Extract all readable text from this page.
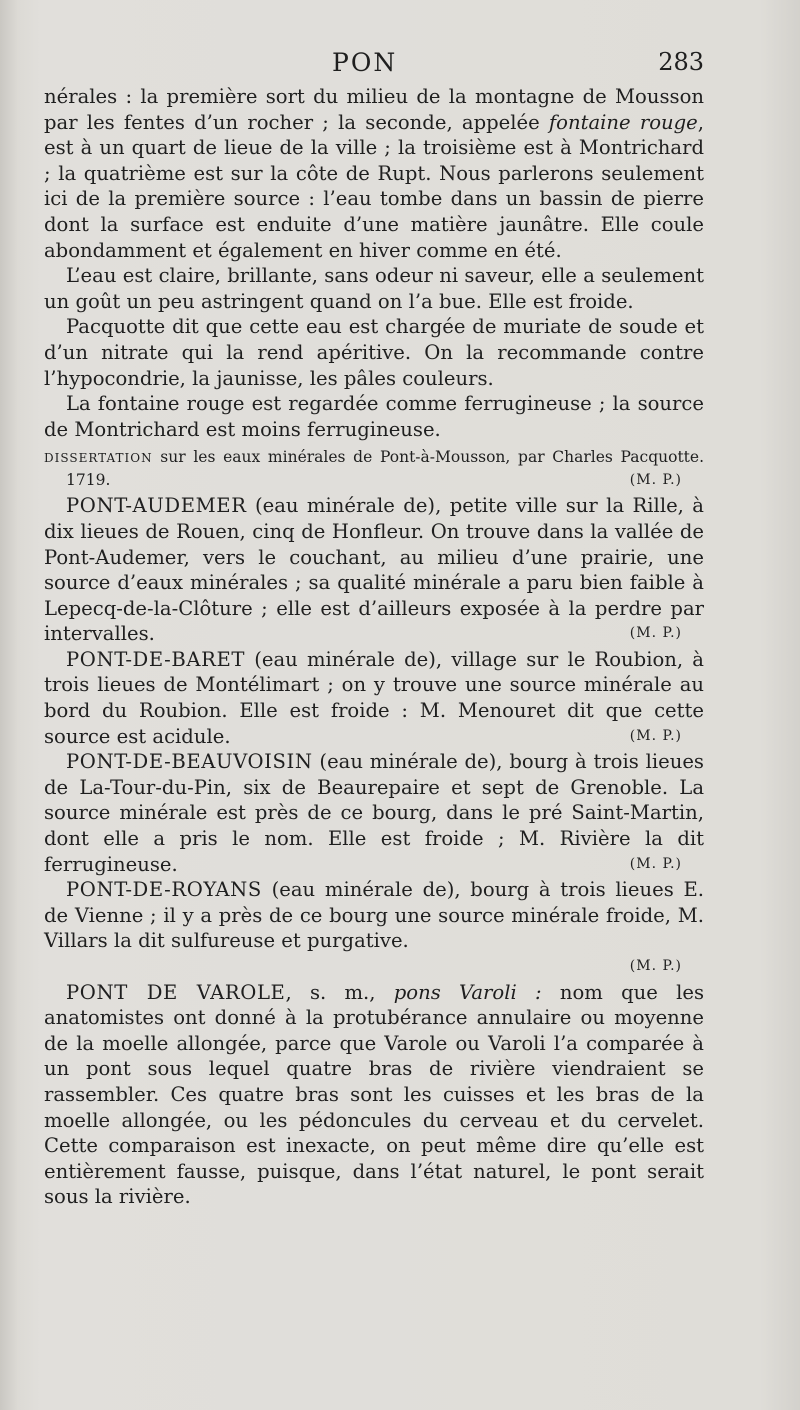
PON	283

nérales : la première sort du milieu de la montagne de Mousson par les fentes d’un rocher ; la seconde, appelée fontaine rouge, est à un quart de lieue de la ville ; la troisième est à Montrichard ; la quatrième est sur la côte de Rupt. Nous parlerons seulement ici de la première source : l’eau tombe dans un bassin de pierre dont la surface est enduite d’une matière jaunâtre. Elle coule abondamment et également en hiver comme en été.

L’eau est claire, brillante, sans odeur ni saveur, elle a seulement un goût un peu astringent quand on l’a bue. Elle est froide.

Pacquotte dit que cette eau est chargée de muriate de soude et d’un nitrate qui la rend apéritive. On la recommande contre l’hypocondrie, la jaunisse, les pâles couleurs.

La fontaine rouge est regardée comme ferrugineuse ; la source de Montrichard est moins ferrugineuse.

DISSERTATION sur les eaux minérales de Pont-à-Mousson, par Charles Pacquotte. 1719.	(M. P.)

PONT-AUDEMER (eau minérale de), petite ville sur la Rille, à dix lieues de Rouen, cinq de Honfleur. On trouve dans la vallée de Pont-Audemer, vers le couchant, au milieu d’une prairie, une source d’eaux minérales ; sa qualité minérale a paru bien faible à Lepecq-de-la-Clôture ; elle est d’ailleurs exposée à la perdre par intervalles.	(M. P.)

PONT-DE-BARET (eau minérale de), village sur le Roubion, à trois lieues de Montélimart ; on y trouve une source minérale au bord du Roubion. Elle est froide : M. Menouret dit que cette source est acidule.	(M. P.)

PONT-DE-BEAUVOISIN (eau minérale de), bourg à trois lieues de La-Tour-du-Pin, six de Beaurepaire et sept de Grenoble. La source minérale est près de ce bourg, dans le pré Saint-Martin, dont elle a pris le nom. Elle est froide ; M. Rivière la dit ferrugineuse.	(M. P.)

PONT-DE-ROYANS (eau minérale de), bourg à trois lieues E. de Vienne ; il y a près de ce bourg une source minérale froide, M. Villars la dit sulfureuse et purgative.

(M. P.)

PONT DE VAROLE, s. m., pons Varoli : nom que les anatomistes ont donné à la protubérance annulaire ou moyenne de la moelle allongée, parce que Varole ou Varoli l’a comparée à un pont sous lequel quatre bras de rivière viendraient se rassembler. Ces quatre bras sont les cuisses et les bras de la moelle allongée, ou les pédoncules du cerveau et du cervelet. Cette comparaison est inexacte, on peut même dire qu’elle est entièrement fausse, puisque, dans l’état naturel, le pont serait sous la rivière.
